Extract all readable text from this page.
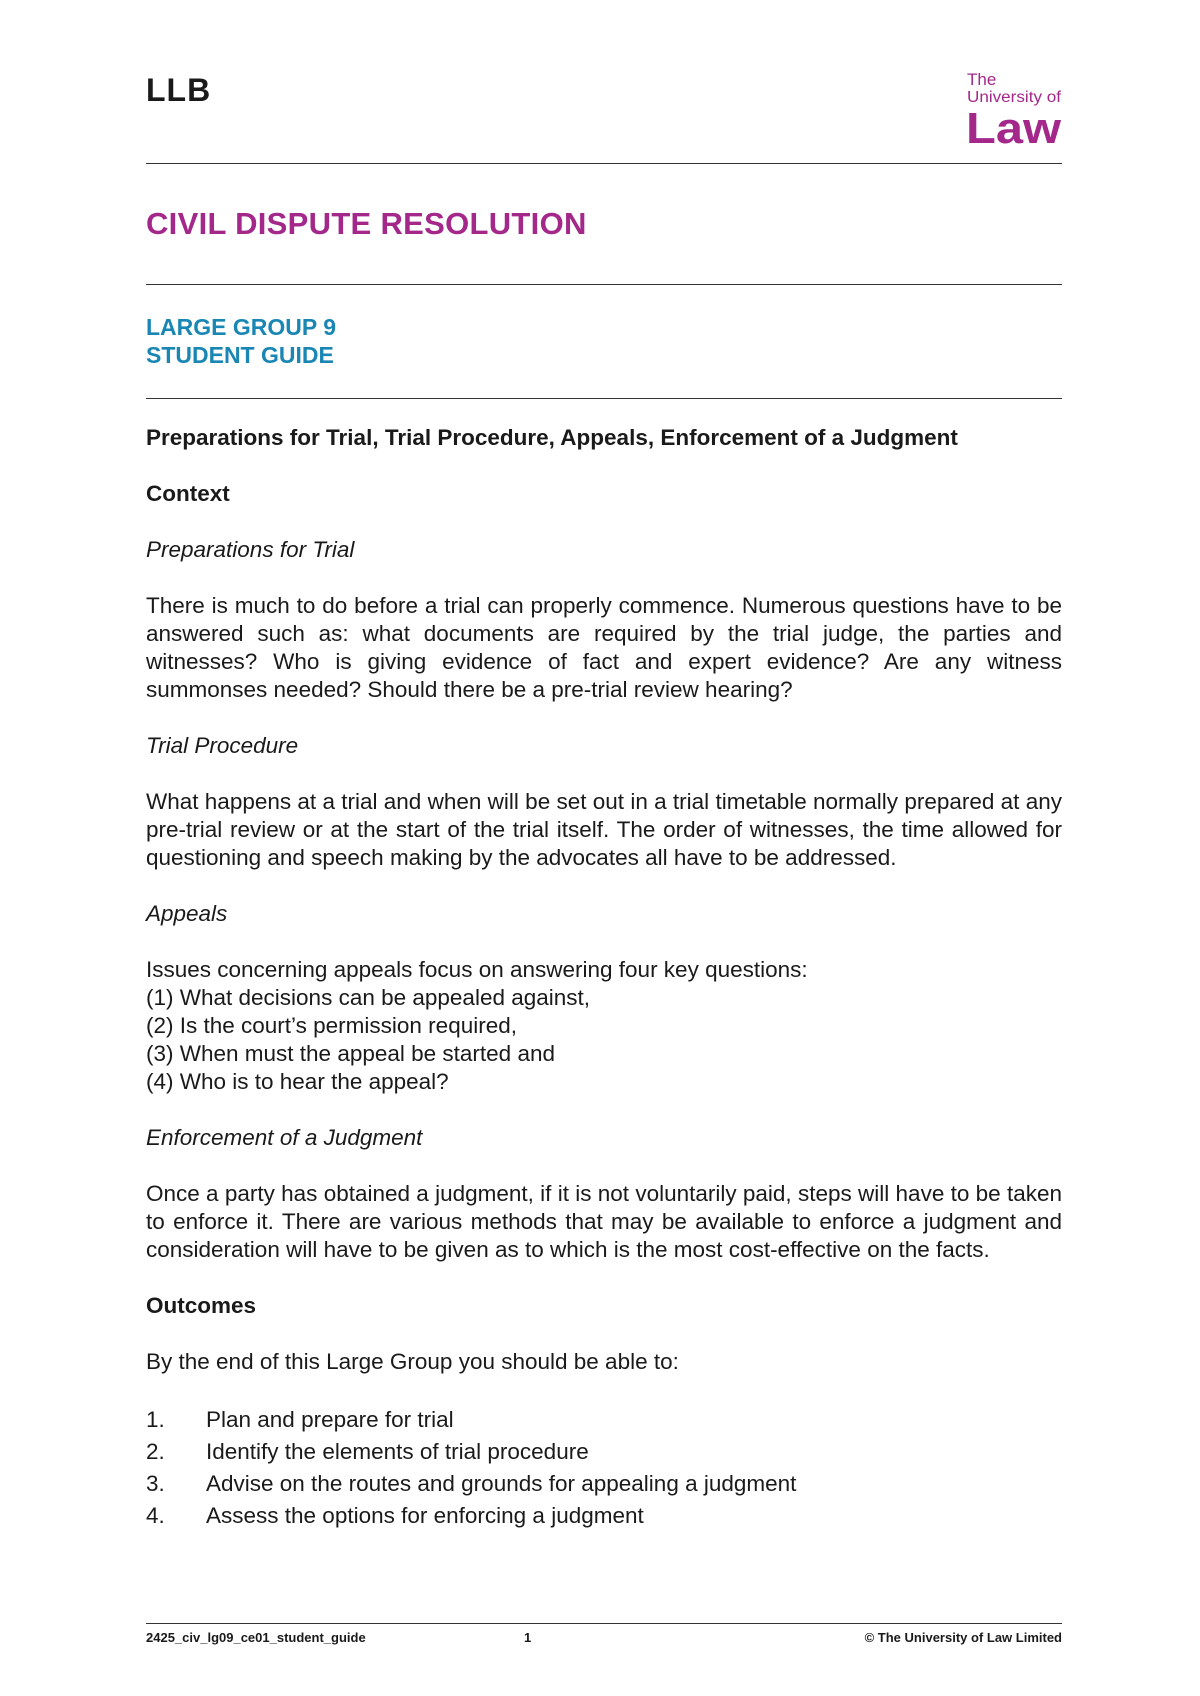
LLB	The
University of
Law
CIVIL DISPUTE RESOLUTION
LARGE GROUP 9
STUDENT GUIDE

Preparations for Trial, Trial Procedure, Appeals, Enforcement of a Judgment

Context

Preparations for Trial

There is much to do before a trial can properly commence. Numerous questions have to be answered such as: what documents are required by the trial judge, the parties and witnesses? Who is giving evidence of fact and expert evidence? Are any witness summonses needed? Should there be a pre-trial review hearing?

Trial Procedure

What happens at a trial and when will be set out in a trial timetable normally prepared at any pre-trial review or at the start of the trial itself. The order of witnesses, the time allowed for questioning and speech making by the advocates all have to be addressed.

Appeals

Issues concerning appeals focus on answering four key questions:
(1) What decisions can be appealed against,
(2) Is the court’s permission required,
(3) When must the appeal be started and
(4) Who is to hear the appeal?

Enforcement of a Judgment

Once a party has obtained a judgment, if it is not voluntarily paid, steps will have to be taken to enforce it. There are various methods that may be available to enforce a judgment and consideration will have to be given as to which is the most cost-effective on the facts.

Outcomes

By the end of this Large Group you should be able to:

1.	Plan and prepare for trial
2.	Identify the elements of trial procedure
3.	Advise on the routes and grounds for appealing a judgment
4.	Assess the options for enforcing a judgment

2425_civ_lg09_ce01_student_guide	1	© The University of Law Limited
